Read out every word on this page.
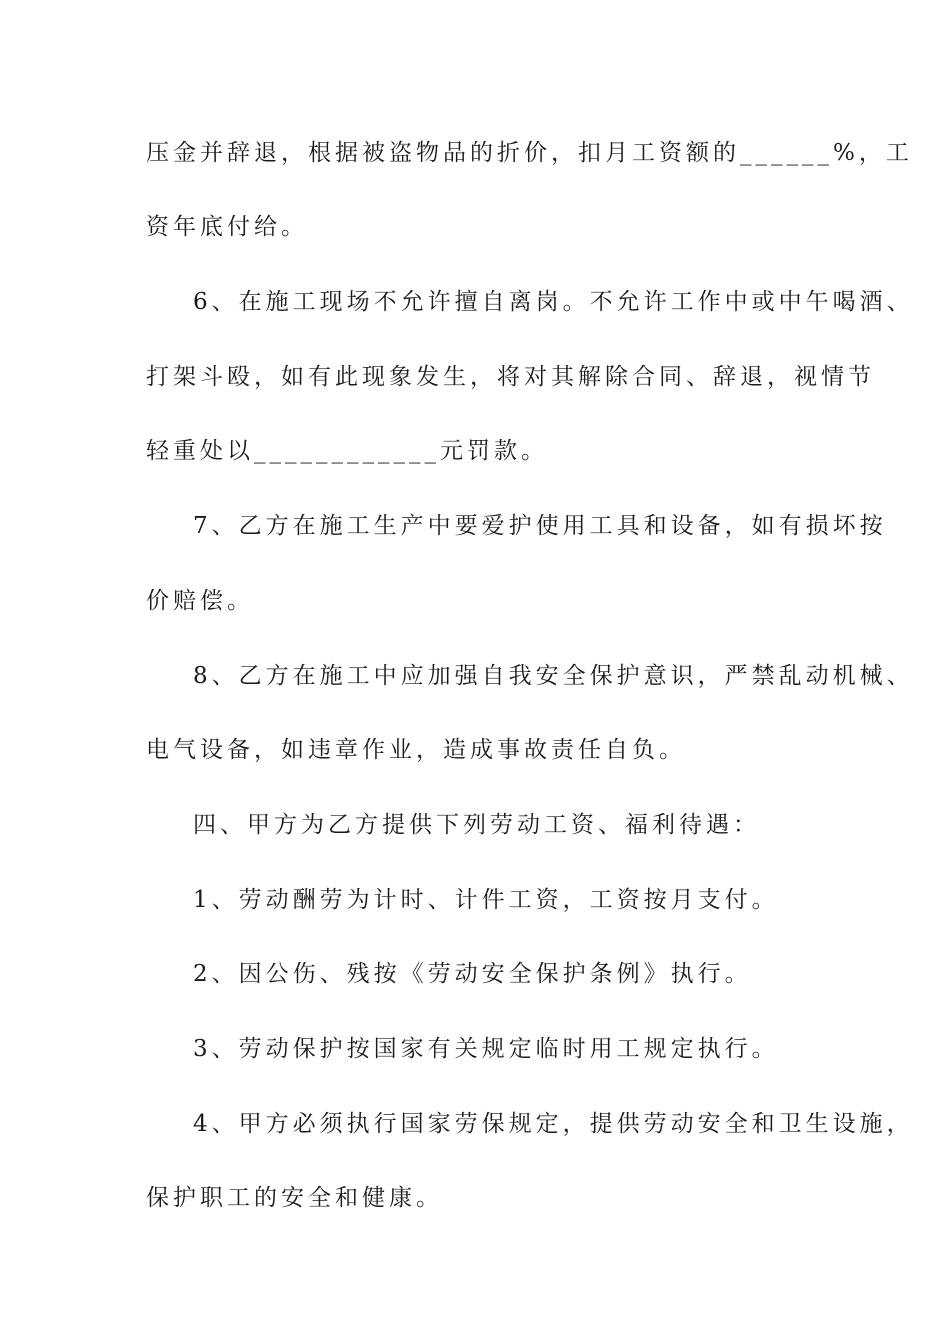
压金并辞退，根据被盗物品的折价，扣月工资额的______%，工
资年底付给。
6、在施工现场不允许擅自离岗。不允许工作中或中午喝酒、
打架斗殴，如有此现象发生，将对其解除合同、辞退，视情节
轻重处以____________元罚款。
7、乙方在施工生产中要爱护使用工具和设备，如有损坏按
价赔偿。
8、乙方在施工中应加强自我安全保护意识，严禁乱动机械、
电气设备，如违章作业，造成事故责任自负。
四、甲方为乙方提供下列劳动工资、福利待遇：
1、劳动酬劳为计时、计件工资，工资按月支付。
2、因公伤、残按《劳动安全保护条例》执行。
3、劳动保护按国家有关规定临时用工规定执行。
4、甲方必须执行国家劳保规定，提供劳动安全和卫生设施，
保护职工的安全和健康。
